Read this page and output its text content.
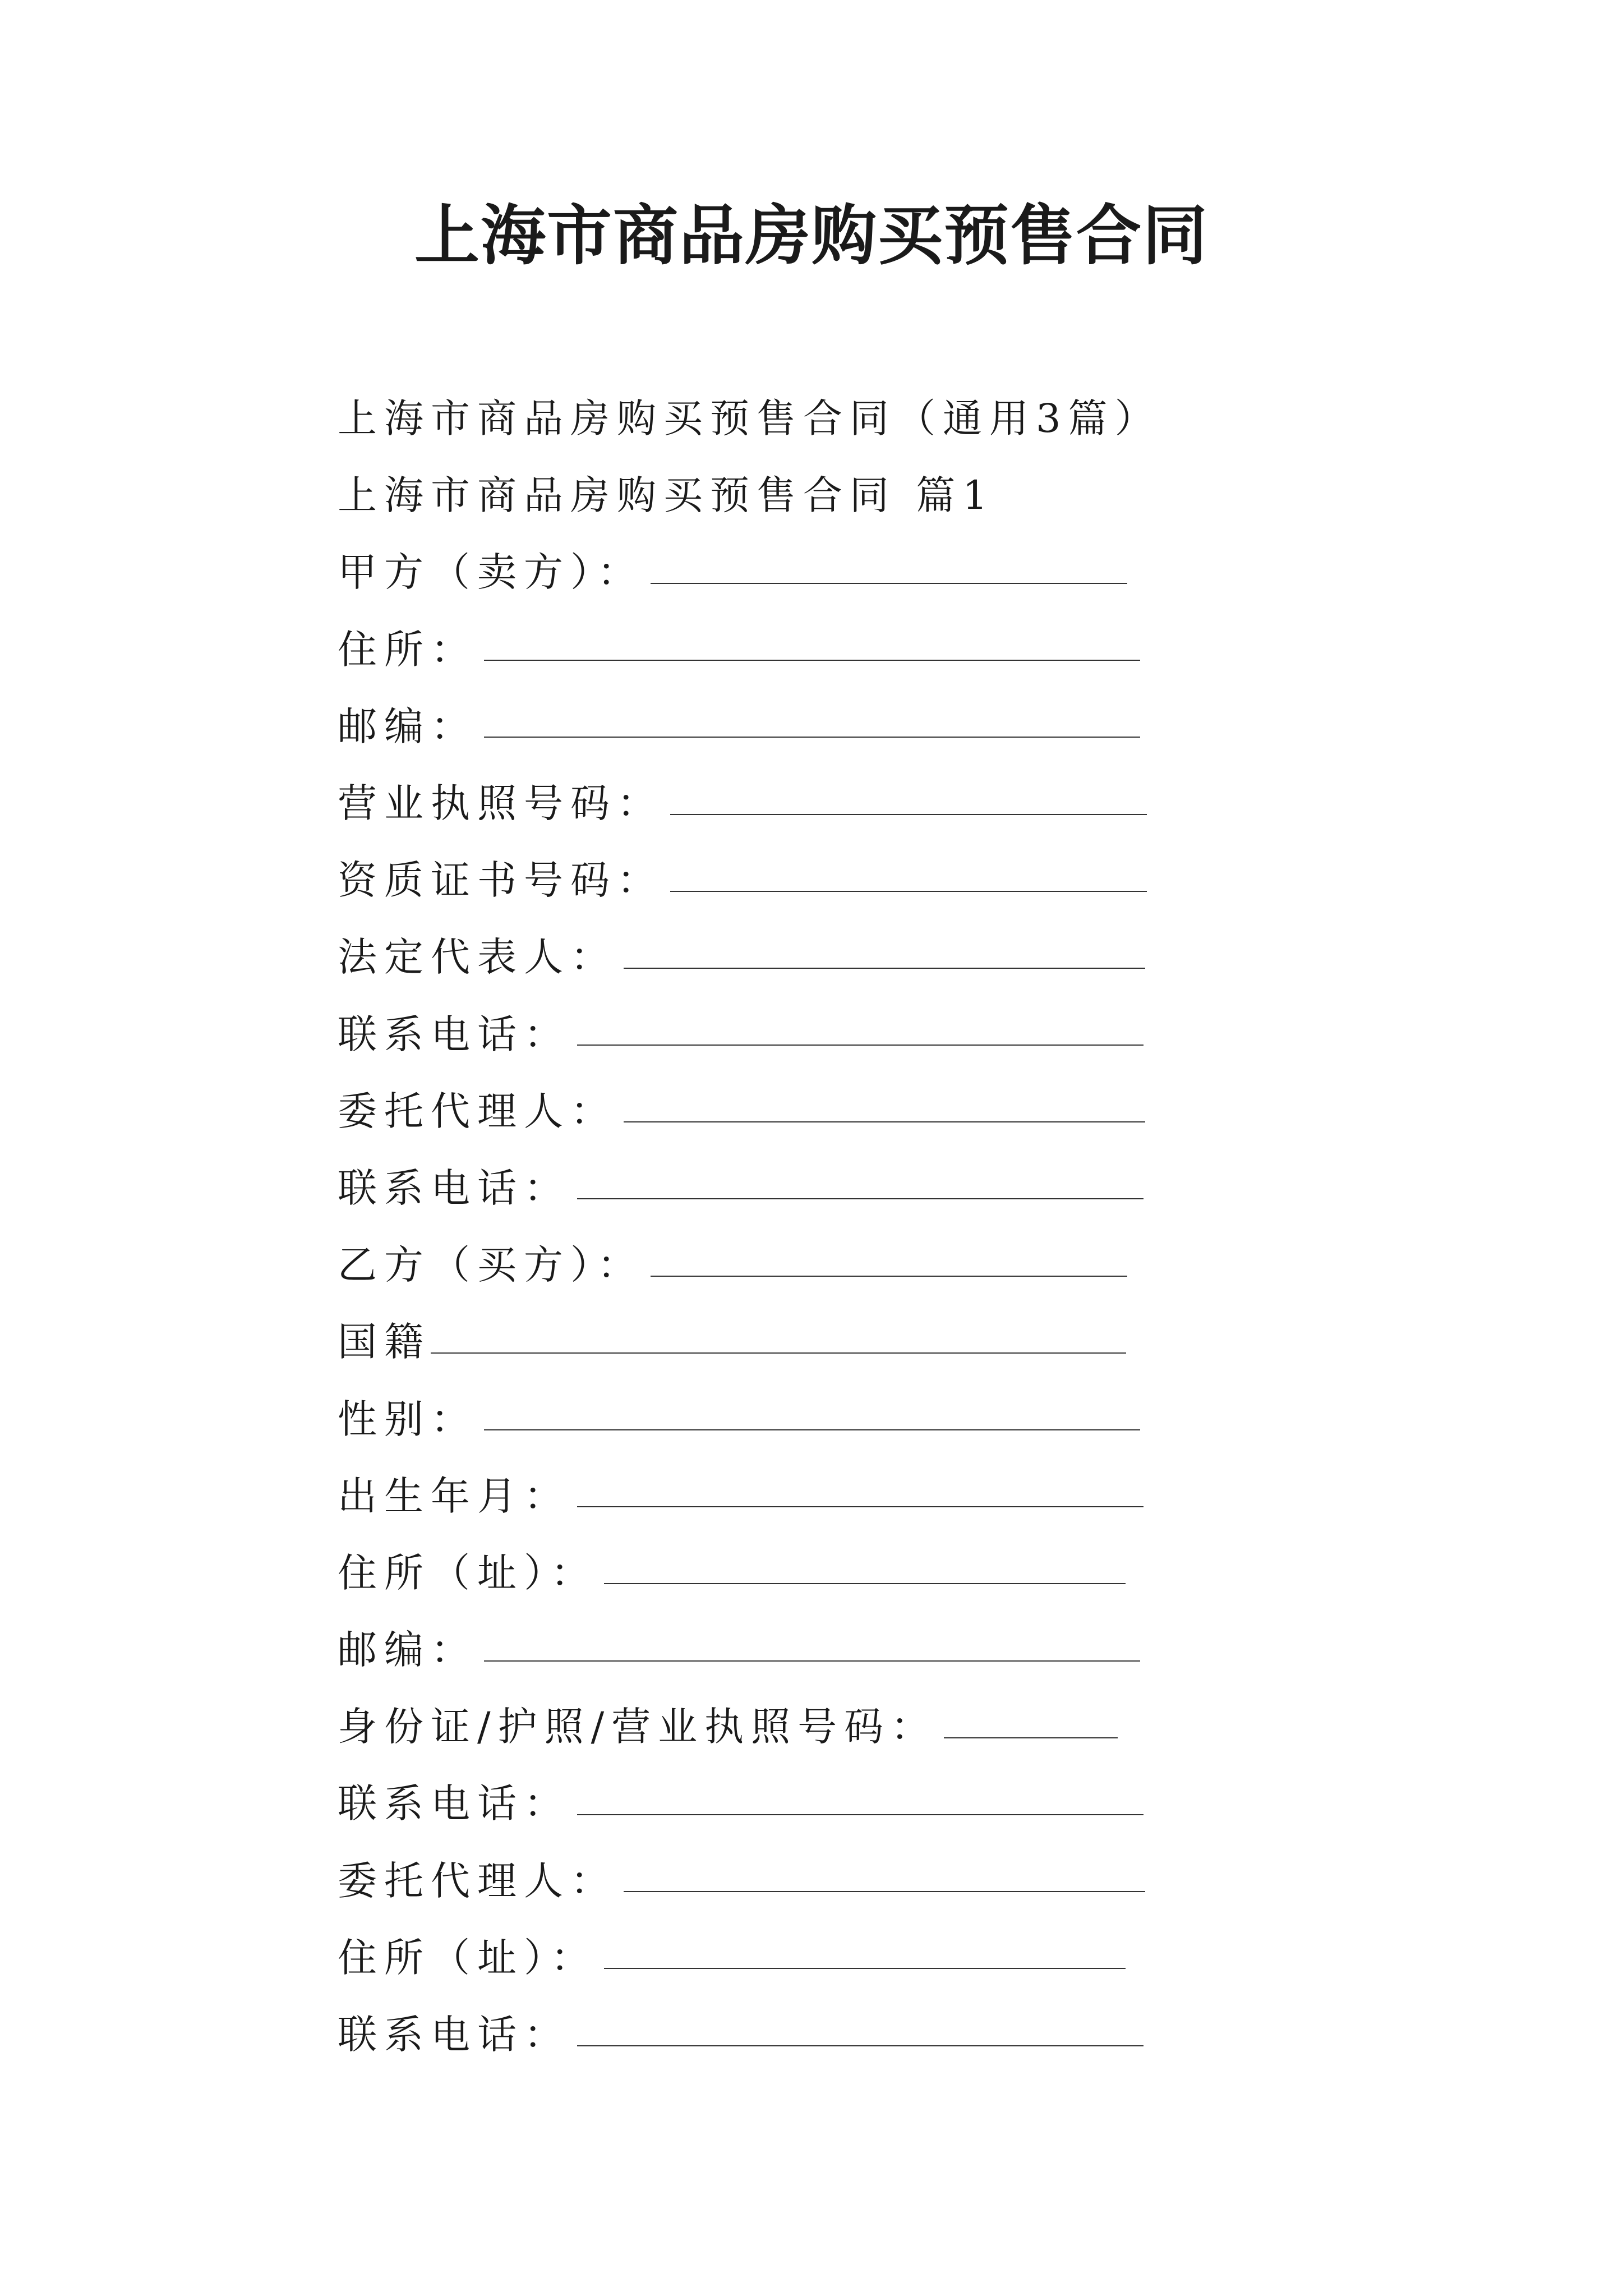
上海市商品房购买预售合同
上海市商品房购买预售合同（通用3篇）
上海市商品房购买预售合同 篇1
甲方（卖方）：
住所：
邮编：
营业执照号码：
资质证书号码：
法定代表人：
联系电话：
委托代理人：
联系电话：
乙方（买方）：
国籍
性别：
出生年月：
住所（址）：
邮编：
身份证/护照/营业执照号码：
联系电话：
委托代理人：
住所（址）：
联系电话：
